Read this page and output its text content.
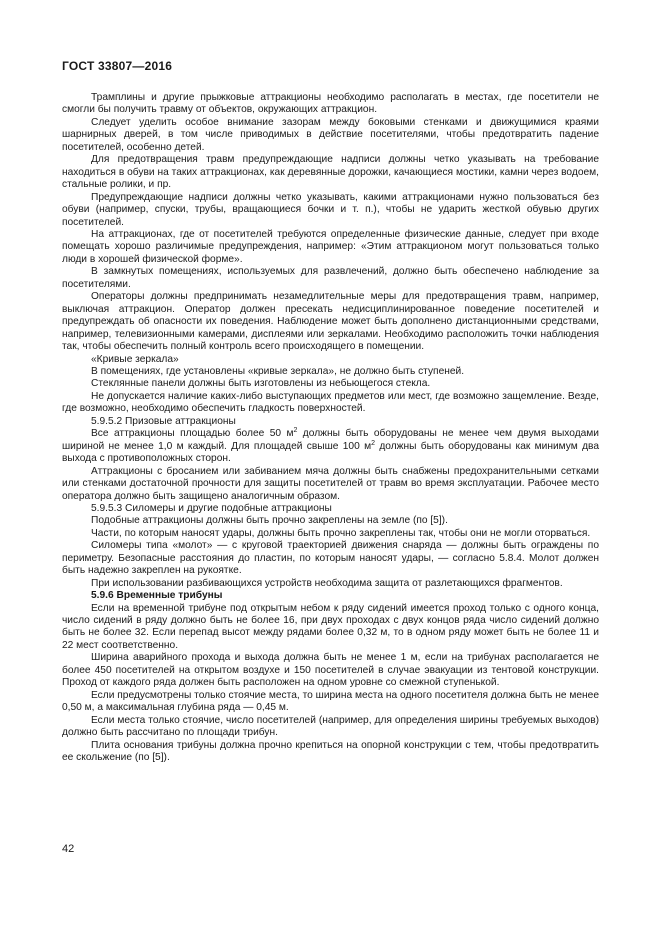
ГОСТ 33807—2016

Трамплины и другие прыжковые аттракционы необходимо располагать в местах, где посетители не смогли бы получить травму от объектов, окружающих аттракцион.

Следует уделить особое внимание зазорам между боковыми стенками и движущимися краями шарнирных дверей, в том числе приводимых в действие посетителями, чтобы предотвратить падение посетителей, особенно детей.

Для предотвращения травм предупреждающие надписи должны четко указывать на требование находиться в обуви на таких аттракционах, как деревянные дорожки, качающиеся мостики, камни через водоем, стальные ролики, и пр.

Предупреждающие надписи должны четко указывать, какими аттракционами нужно пользоваться без обуви (например, спуски, трубы, вращающиеся бочки и т. п.), чтобы не ударить жесткой обувью других посетителей.

На аттракционах, где от посетителей требуются определенные физические данные, следует при входе помещать хорошо различимые предупреждения, например: «Этим аттракционом могут пользоваться только люди в хорошей физической форме».

В замкнутых помещениях, используемых для развлечений, должно быть обеспечено наблюдение за посетителями.

Операторы должны предпринимать незамедлительные меры для предотвращения травм, например, выключая аттракцион. Оператор должен пресекать недисциплинированное поведение посетителей и предупреждать об опасности их поведения. Наблюдение может быть дополнено дистанционными средствами, например, телевизионными камерами, дисплеями или зеркалами. Необходимо расположить точки наблюдения так, чтобы обеспечить полный контроль всего происходящего в помещении.

«Кривые зеркала»

В помещениях, где установлены «кривые зеркала», не должно быть ступеней.

Стеклянные панели должны быть изготовлены из небьющегося стекла.

Не допускается наличие каких-либо выступающих предметов или мест, где возможно защемление. Везде, где возможно, необходимо обеспечить гладкость поверхностей.

5.9.5.2 Призовые аттракционы

Все аттракционы площадью более 50 $м^2$ должны быть оборудованы не менее чем двумя выходами шириной не менее 1,0 м каждый. Для площадей свыше 100 $м^2$ должны быть оборудованы как минимум два выхода с противоположных сторон.

Аттракционы с бросанием или забиванием мяча должны быть снабжены предохранительными сетками или стенками достаточной прочности для защиты посетителей от травм во время эксплуатации. Рабочее место оператора должно быть защищено аналогичным образом.

5.9.5.3 Силомеры и другие подобные аттракционы

Подобные аттракционы должны быть прочно закреплены на земле (по [5]).

Части, по которым наносят удары, должны быть прочно закреплены так, чтобы они не могли оторваться.

Силомеры типа «молот» — с круговой траекторией движения снаряда — должны быть ограждены по периметру. Безопасные расстояния до пластин, по которым наносят удары, — согласно 5.8.4. Молот должен быть надежно закреплен на рукоятке.

При использовании разбивающихся устройств необходима защита от разлетающихся фрагментов.

5.9.6 Временные трибуны

Если на временной трибуне под открытым небом к ряду сидений имеется проход только с одного конца, число сидений в ряду должно быть не более 16, при двух проходах с двух концов ряда число сидений должно быть не более 32. Если перепад высот между рядами более 0,32 м, то в одном ряду может быть не более 11 и 22 мест соответственно.

Ширина аварийного прохода и выхода должна быть не менее 1 м, если на трибунах располагается не более 450 посетителей на открытом воздухе и 150 посетителей в случае эвакуации из тентовой конструкции. Проход от каждого ряда должен быть расположен на одном уровне со смежной ступенькой.

Если предусмотрены только стоячие места, то ширина места на одного посетителя должна быть не менее 0,50 м, а максимальная глубина ряда — 0,45 м.

Если места только стоячие, число посетителей (например, для определения ширины требуемых выходов) должно быть рассчитано по площади трибун.

Плита основания трибуны должна прочно крепиться на опорной конструкции с тем, чтобы предотвратить ее скольжение (по [5]).

42
